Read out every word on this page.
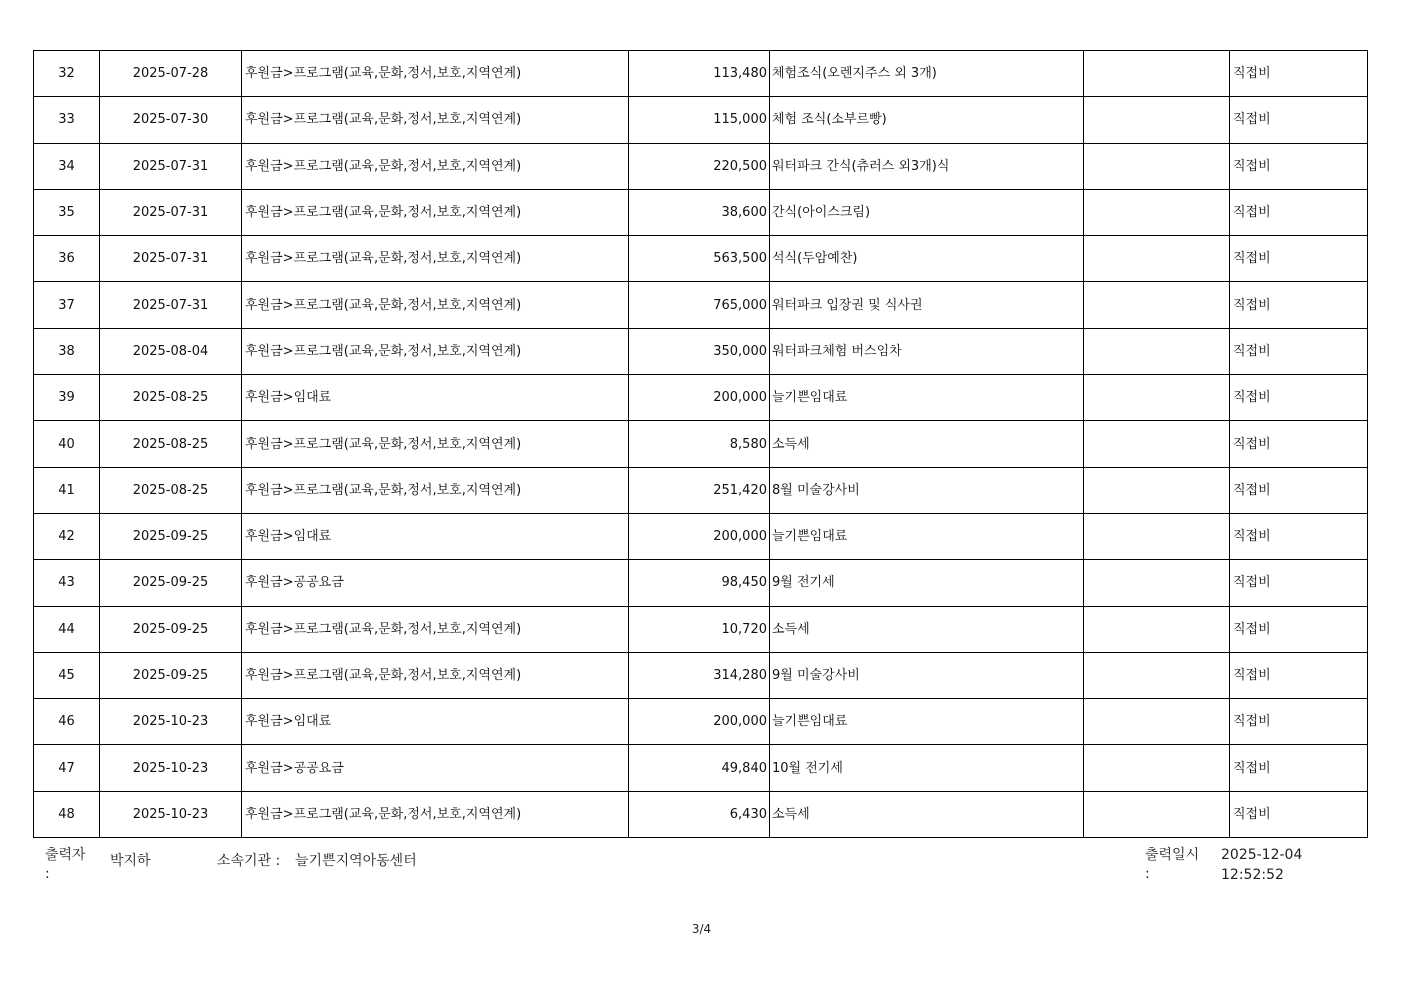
32	2025-07-28	후원금>프로그램(교육,문화,정서,보호,지역연계)	113,480	체험조식(오렌지주스 외 3개)		직접비
33	2025-07-30	후원금>프로그램(교육,문화,정서,보호,지역연계)	115,000	체험 조식(소부르빵)		직접비
34	2025-07-31	후원금>프로그램(교육,문화,정서,보호,지역연계)	220,500	워터파크 간식(츄러스 외3개)식		직접비
35	2025-07-31	후원금>프로그램(교육,문화,정서,보호,지역연계)	38,600	간식(아이스크림)		직접비
36	2025-07-31	후원금>프로그램(교육,문화,정서,보호,지역연계)	563,500	석식(두암예찬)		직접비
37	2025-07-31	후원금>프로그램(교육,문화,정서,보호,지역연계)	765,000	워터파크 입장권 및 식사권		직접비
38	2025-08-04	후원금>프로그램(교육,문화,정서,보호,지역연계)	350,000	워터파크체험 버스임차		직접비
39	2025-08-25	후원금>임대료	200,000	늘기쁜임대료		직접비
40	2025-08-25	후원금>프로그램(교육,문화,정서,보호,지역연계)	8,580	소득세		직접비
41	2025-08-25	후원금>프로그램(교육,문화,정서,보호,지역연계)	251,420	8월 미술강사비		직접비
42	2025-09-25	후원금>임대료	200,000	늘기쁜임대료		직접비
43	2025-09-25	후원금>공공요금	98,450	9월 전기세		직접비
44	2025-09-25	후원금>프로그램(교육,문화,정서,보호,지역연계)	10,720	소득세		직접비
45	2025-09-25	후원금>프로그램(교육,문화,정서,보호,지역연계)	314,280	9월 미술강사비		직접비
46	2025-10-23	후원금>임대료	200,000	늘기쁜임대료		직접비
47	2025-10-23	후원금>공공요금	49,840	10월 전기세		직접비
48	2025-10-23	후원금>프로그램(교육,문화,정서,보호,지역연계)	6,430	소득세		직접비
출력자
:
박지하	소속기관 : 늘기쁜지역아동센터	출력일시
:
2025-12-04
12:52:52
3/4
